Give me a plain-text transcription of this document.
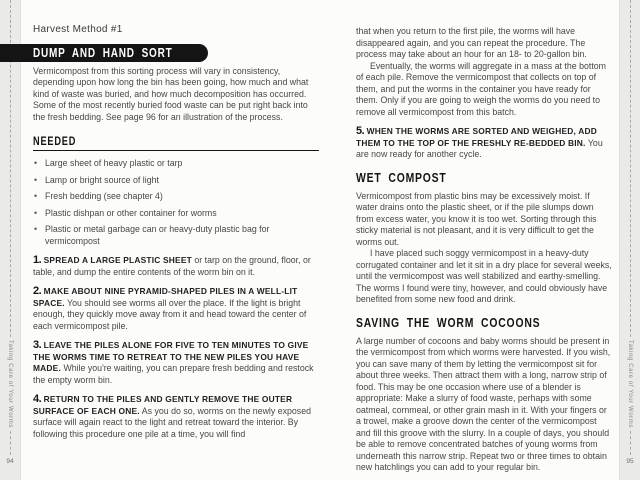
Taking Care of Your Worms
94
Taking Care of Your Worms
95
DUMP AND HAND SORT

Harvest Method #1

Vermicompost from this sorting process will vary in consistency, depending upon how long the bin has been going, how much and what kind of waste was buried, and how much decomposition has occurred. Some of the most recently buried food waste can be put right back into the fresh bedding. See page 96 for an illustration of the process.

NEEDED
• Large sheet of heavy plastic or tarp
• Lamp or bright source of light
• Fresh bedding (see chapter 4)
• Plastic dishpan or other container for worms
• Plastic or metal garbage can or heavy-duty plastic bag for vermicompost

1. SPREAD A LARGE PLASTIC SHEET or tarp on the ground, floor, or table, and dump the entire contents of the worm bin on it.

2. MAKE ABOUT NINE PYRAMID-SHAPED PILES IN A WELL-LIT SPACE. You should see worms all over the place. If the light is bright enough, they quickly move away from it and head toward the center of each vermicompost pile.

3. LEAVE THE PILES ALONE FOR FIVE TO TEN MINUTES TO GIVE THE WORMS TIME TO RETREAT TO THE NEW PILES YOU HAVE MADE. While you're waiting, you can prepare fresh bedding and restock the empty worm bin.

4. RETURN TO THE PILES AND GENTLY REMOVE THE OUTER SURFACE OF EACH ONE. As you do so, worms on the newly exposed surface will again react to the light and retreat toward the interior. By following this procedure one pile at a time, you will find

that when you return to the first pile, the worms will have disappeared again, and you can repeat the procedure. The process may take about an hour for an 18- to 20-gallon bin.

Eventually, the worms will aggregate in a mass at the bottom of each pile. Remove the vermicompost that collects on top of them, and put the worms in the container you have ready for them. Only if you are going to weigh the worms do you need to remove all vermicompost from this batch.

5. WHEN THE WORMS ARE SORTED AND WEIGHED, ADD THEM TO THE TOP OF THE FRESHLY RE-BEDDED BIN. You are now ready for another cycle.

WET COMPOST

Vermicompost from plastic bins may be excessively moist. If water drains onto the plastic sheet, or if the pile slumps down from excess water, you know it is too wet. Sorting through this sticky material is not pleasant, and it is very difficult to get the worms out.

I have placed such soggy vermicompost in a heavy-duty corrugated container and let it sit in a dry place for several weeks, until the vermicompost was well stabilized and earthy-smelling. The worms I found were tiny, however, and could obviously have benefited from some new food and drink.

SAVING THE WORM COCOONS

A large number of cocoons and baby worms should be present in the vermicompost from which worms were harvested. If you wish, you can save many of them by letting the vermicompost sit for about three weeks. Then attract them with a long, narrow strip of food. This may be one occasion where use of a blender is appropriate: Make a slurry of food waste, perhaps with some oatmeal, cornmeal, or other grain mash in it. With your fingers or a trowel, make a groove down the center of the vermicompost and fill this groove with the slurry. In a couple of days, you should be able to remove concentrated batches of young worms from underneath this narrow strip. Repeat two or three times to obtain new hatchlings you can add to your regular bin.
